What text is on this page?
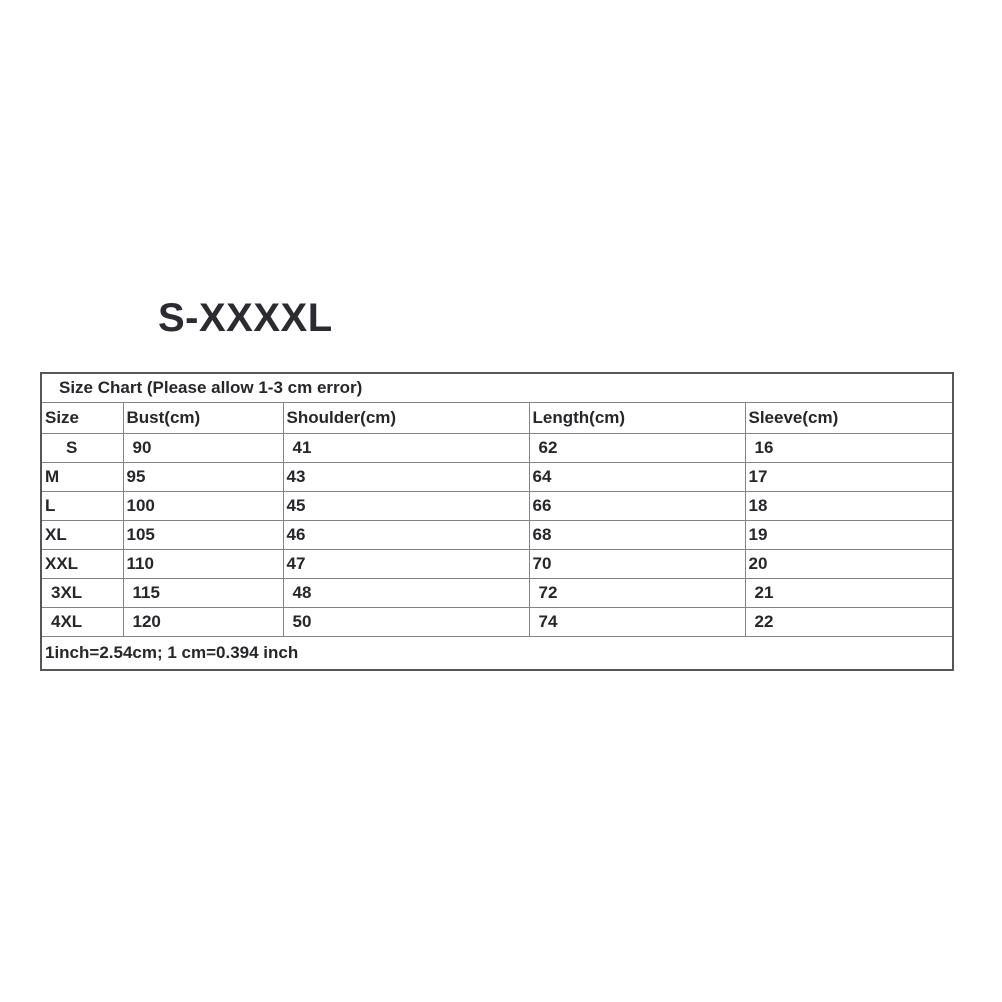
S-XXXXL
Size Chart (Please allow 1-3 cm error)				
Size	Bust(cm)	Shoulder(cm)	Length(cm)	Sleeve(cm)
S	90	41	62	16
M	95	43	64	17
L	100	45	66	18
XL	105	46	68	19
XXL	110	47	70	20
3XL	115	48	72	21
4XL	120	50	74	22
1inch=2.54cm; 1 cm=0.394 inch				
